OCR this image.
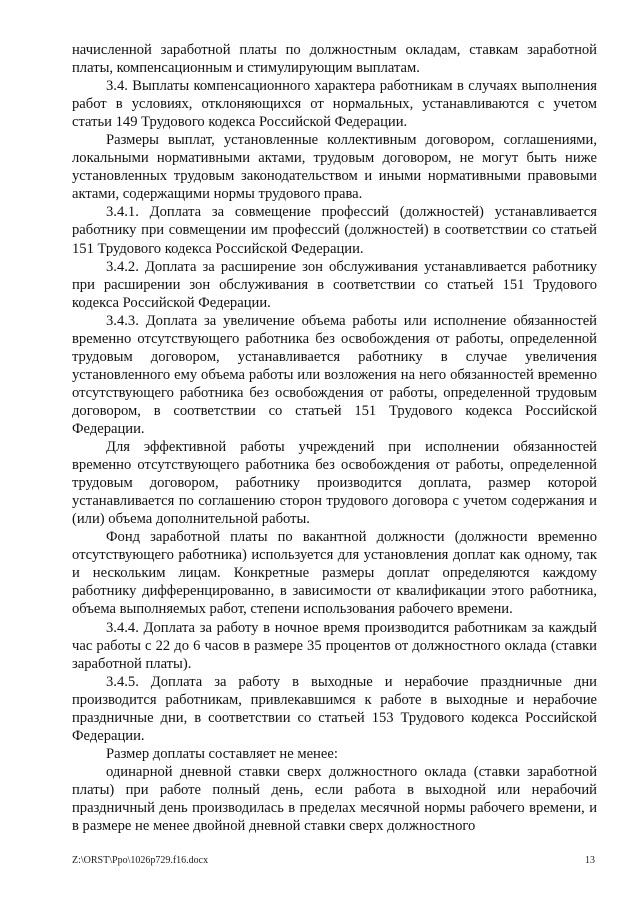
начисленной заработной платы по должностным окладам, ставкам заработной платы, компенсационным и стимулирующим выплатам.

3.4. Выплаты компенсационного характера работникам в случаях выполнения работ в условиях, отклоняющихся от нормальных, устанавливаются с учетом статьи 149 Трудового кодекса Российской Федерации.

Размеры выплат, установленные коллективным договором, соглашениями, локальными нормативными актами, трудовым договором, не могут быть ниже установленных трудовым законодательством и иными нормативными правовыми актами, содержащими нормы трудового права.

3.4.1. Доплата за совмещение профессий (должностей) устанавливается работнику при совмещении им профессий (должностей) в соответствии со статьей 151 Трудового кодекса Российской Федерации.

3.4.2. Доплата за расширение зон обслуживания устанавливается работнику при расширении зон обслуживания в соответствии со статьей 151 Трудового кодекса Российской Федерации.

3.4.3. Доплата за увеличение объема работы или исполнение обязанностей временно отсутствующего работника без освобождения от работы, определенной трудовым договором, устанавливается работнику в случае увеличения установленного ему объема работы или возложения на него обязанностей временно отсутствующего работника без освобождения от работы, определенной трудовым договором, в соответствии со статьей 151 Трудового кодекса Российской Федерации.

Для эффективной работы учреждений при исполнении обязанностей временно отсутствующего работника без освобождения от работы, определенной трудовым договором, работнику производится доплата, размер которой устанавливается по соглашению сторон трудового договора с учетом содержания и (или) объема дополнительной работы.

Фонд заработной платы по вакантной должности (должности временно отсутствующего работника) используется для установления доплат как одному, так и нескольким лицам. Конкретные размеры доплат определяются каждому работнику дифференцированно, в зависимости от квалификации этого работника, объема выполняемых работ, степени использования рабочего времени.

3.4.4. Доплата за работу в ночное время производится работникам за каждый час работы с 22 до 6 часов в размере 35 процентов от должностного оклада (ставки заработной платы).

3.4.5. Доплата за работу в выходные и нерабочие праздничные дни производится работникам, привлекавшимся к работе в выходные и нерабочие праздничные дни, в соответствии со статьей 153 Трудового кодекса Российской Федерации.

Размер доплаты составляет не менее:

одинарной дневной ставки сверх должностного оклада (ставки заработной платы) при работе полный день, если работа в выходной или нерабочий праздничный день производилась в пределах месячной нормы рабочего времени, и в размере не менее двойной дневной ставки сверх должностного

Z:\ORST\Ppo\1026p729.f16.docx	13
